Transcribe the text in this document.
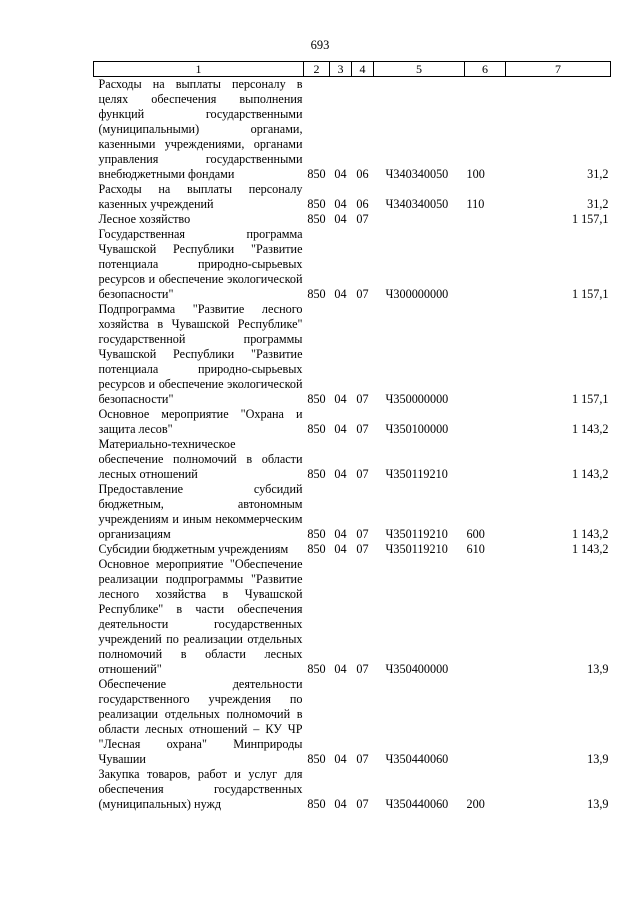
693
1	2	3	4	5	6	7

Расходы на выплаты персоналу в целях обеспечения выполнения функций государственными (муниципальными) органами, казенными учреждениями, органами управления государственными внебюджетными фондами	850	04	06	Ч340340050	100	31,2

Расходы на выплаты персоналу казенных учреждений	850	04	06	Ч340340050	110	31,2

Лесное хозяйство	850	04	07			1 157,1

Государственная программа Чувашской Республики "Развитие потенциала природно-сырьевых ресурсов и обеспечение экологической безопасности"	850	04	07	Ч300000000		1 157,1

Подпрограмма "Развитие лесного хозяйства в Чувашской Республике" государственной программы Чувашской Республики "Развитие потенциала природно-сырьевых ресурсов и обеспечение экологической безопасности"	850	04	07	Ч350000000		1 157,1

Основное мероприятие "Охрана и защита лесов"	850	04	07	Ч350100000		1 143,2

Материально-техническое обеспечение полномочий в области лесных отношений	850	04	07	Ч350119210		1 143,2

Предоставление субсидий бюджетным, автономным учреждениям и иным некоммерческим организациям	850	04	07	Ч350119210	600	1 143,2

Субсидии бюджетным учреждениям	850	04	07	Ч350119210	610	1 143,2

Основное мероприятие "Обеспечение реализации подпрограммы "Развитие лесного хозяйства в Чувашской Республике" в части обеспечения деятельности государственных учреждений по реализации отдельных полномочий в области лесных отношений"	850	04	07	Ч350400000		13,9

Обеспечение деятельности государственного учреждения по реализации отдельных полномочий в области лесных отношений – КУ ЧР "Лесная охрана" Минприроды Чувашии	850	04	07	Ч350440060		13,9

Закупка товаров, работ и услуг для обеспечения государственных (муниципальных) нужд	850	04	07	Ч350440060	200	13,9
